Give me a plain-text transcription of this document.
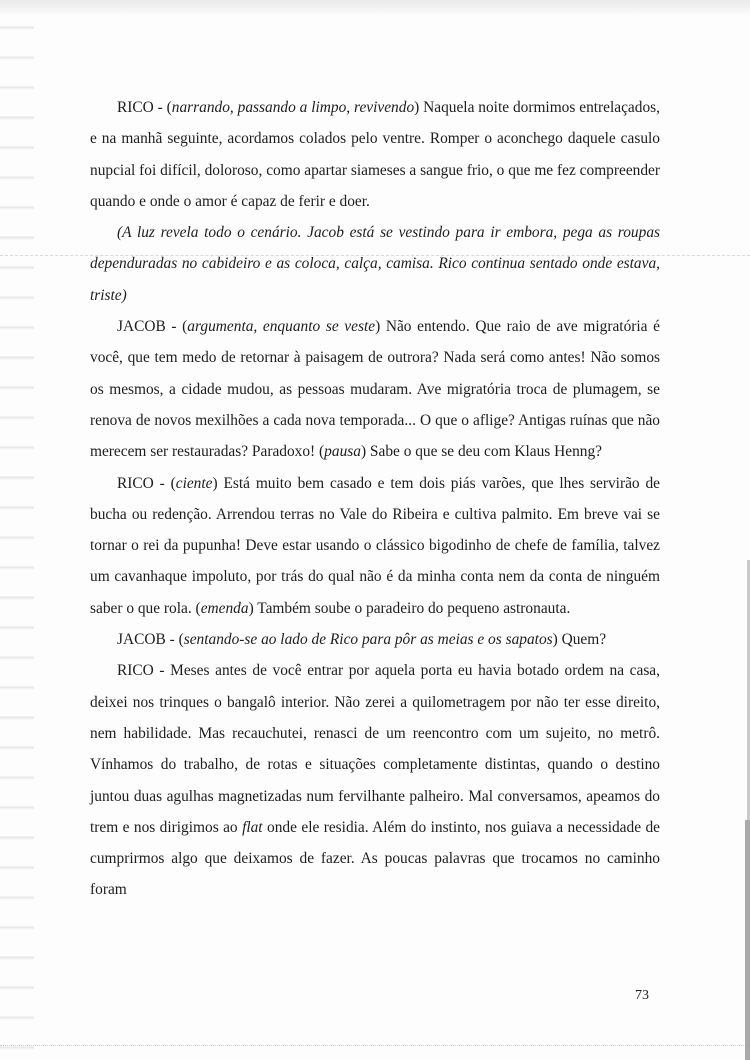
RICO - (narrando, passando a limpo, revivendo) Naquela noite dormimos entrelaçados, e na manhã seguinte, acordamos colados pelo ventre. Romper o aconchego daquele casulo nupcial foi difícil, doloroso, como apartar siameses a sangue frio, o que me fez compreender quando e onde o amor é capaz de ferir e doer.

(A luz revela todo o cenário. Jacob está se vestindo para ir embora, pega as roupas dependuradas no cabideiro e as coloca, calça, camisa. Rico continua sentado onde estava, triste)

JACOB - (argumenta, enquanto se veste) Não entendo. Que raio de ave migratória é você, que tem medo de retornar à paisagem de outrora? Nada será como antes! Não somos os mesmos, a cidade mudou, as pessoas mudaram. Ave migratória troca de plumagem, se renova de novos mexilhões a cada nova temporada... O que o aflige? Antigas ruínas que não merecem ser restauradas? Paradoxo! (pausa) Sabe o que se deu com Klaus Henng?

RICO - (ciente) Está muito bem casado e tem dois piás varões, que lhes servirão de bucha ou redenção. Arrendou terras no Vale do Ribeira e cultiva palmito. Em breve vai se tornar o rei da pupunha! Deve estar usando o clássico bigodinho de chefe de família, talvez um cavanhaque impoluto, por trás do qual não é da minha conta nem da conta de ninguém saber o que rola. (emenda) Também soube o paradeiro do pequeno astronauta.

JACOB - (sentando-se ao lado de Rico para pôr as meias e os sapatos) Quem?

RICO - Meses antes de você entrar por aquela porta eu havia botado ordem na casa, deixei nos trinques o bangalô interior. Não zerei a quilometragem por não ter esse direito, nem habilidade. Mas recauchutei, renasci de um reencontro com um sujeito, no metrô. Vínhamos do trabalho, de rotas e situações completamente distintas, quando o destino juntou duas agulhas magnetizadas num fervilhante palheiro. Mal conversamos, apeamos do trem e nos dirigimos ao flat onde ele residia. Além do instinto, nos guiava a necessidade de cumprirmos algo que deixamos de fazer. As poucas palavras que trocamos no caminho foram

73
